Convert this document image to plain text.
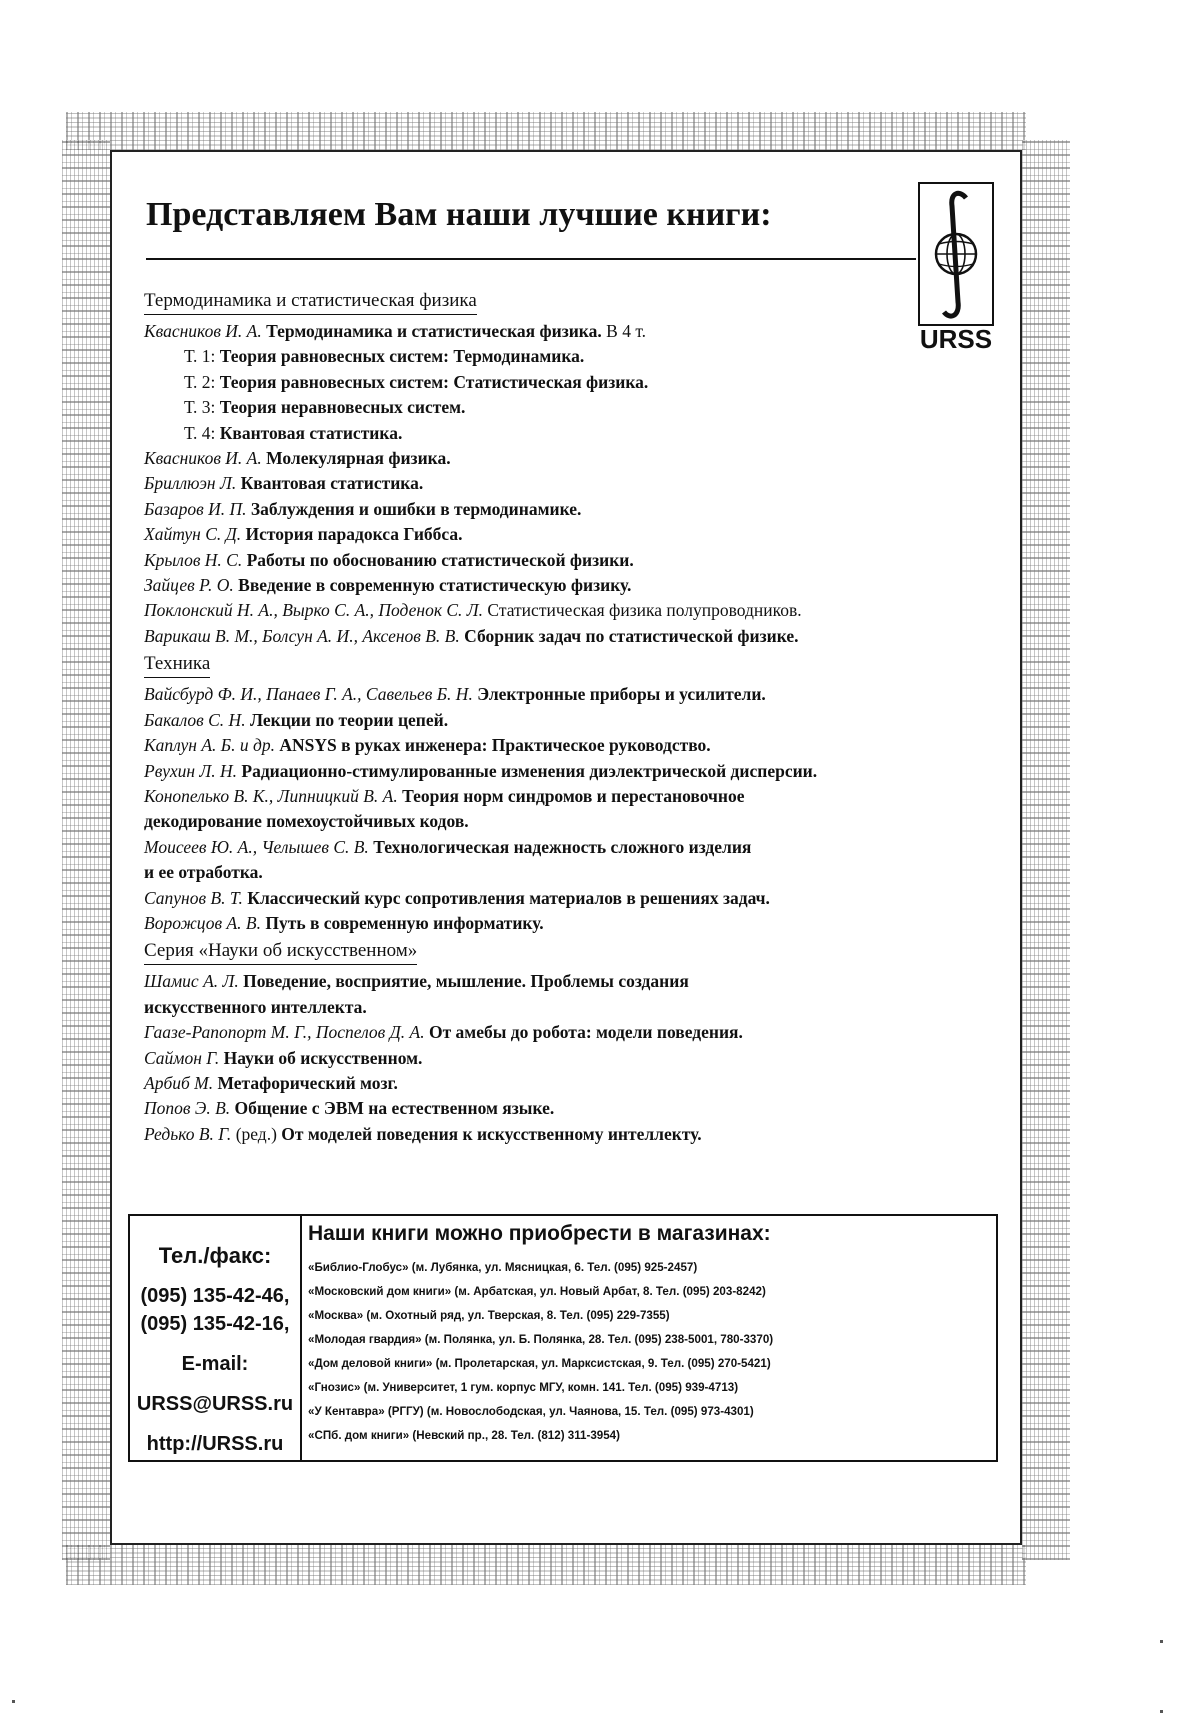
Представляем Вам наши лучшие книги:
URSS
Термодинамика и статистическая физика
Квасников И. А. Термодинамика и статистическая физика. В 4 т.
Т. 1: Теория равновесных систем: Термодинамика.
Т. 2: Теория равновесных систем: Статистическая физика.
Т. 3: Теория неравновесных систем.
Т. 4: Квантовая статистика.
Квасников И. А. Молекулярная физика.
Бриллюэн Л. Квантовая статистика.
Базаров И. П. Заблуждения и ошибки в термодинамике.
Хайтун С. Д. История парадокса Гиббса.
Крылов Н. С. Работы по обоснованию статистической физики.
Зайцев Р. О. Введение в современную статистическую физику.
Поклонский Н. А., Вырко С. А., Поденок С. Л. Статистическая физика полупроводников.
Варикаш В. М., Болсун А. И., Аксенов В. В. Сборник задач по статистической физике.
Техника
Вайсбурд Ф. И., Панаев Г. А., Савельев Б. Н. Электронные приборы и усилители.
Бакалов С. Н. Лекции по теории цепей.
Каплун А. Б. и др. ANSYS в руках инженера: Практическое руководство.
Рвухин Л. Н. Радиационно-стимулированные изменения диэлектрической дисперсии.
Конопелько В. К., Липницкий В. А. Теория норм синдромов и перестановочное
декодирование помехоустойчивых кодов.
Моисеев Ю. А., Челышев С. В. Технологическая надежность сложного изделия
и ее отработка.
Сапунов В. Т. Классический курс сопротивления материалов в решениях задач.
Ворожцов А. В. Путь в современную информатику.
Серия «Науки об искусственном»
Шамис А. Л. Поведение, восприятие, мышление. Проблемы создания
искусственного интеллекта.
Гаазе-Рапопорт М. Г., Поспелов Д. А. От амебы до робота: модели поведения.
Саймон Г. Науки об искусственном.
Арбиб М. Метафорический мозг.
Попов Э. В. Общение с ЭВМ на естественном языке.
Редько В. Г. (ред.) От моделей поведения к искусственному интеллекту.
Тел./факс:
(095) 135-42-46,
(095) 135-42-16,
E-mail:
URSS@URSS.ru
http://URSS.ru
Наши книги можно приобрести в магазинах:
«Библио-Глобус» (м. Лубянка, ул. Мясницкая, 6. Тел. (095) 925-2457)
«Московский дом книги» (м. Арбатская, ул. Новый Арбат, 8. Тел. (095) 203-8242)
«Москва» (м. Охотный ряд, ул. Тверская, 8. Тел. (095) 229-7355)
«Молодая гвардия» (м. Полянка, ул. Б. Полянка, 28. Тел. (095) 238-5001, 780-3370)
«Дом деловой книги» (м. Пролетарская, ул. Марксистская, 9. Тел. (095) 270-5421)
«Гнозис» (м. Университет, 1 гум. корпус МГУ, комн. 141. Тел. (095) 939-4713)
«У Кентавра» (РГГУ) (м. Новослободская, ул. Чаянова, 15. Тел. (095) 973-4301)
«СПб. дом книги» (Невский пр., 28. Тел. (812) 311-3954)
